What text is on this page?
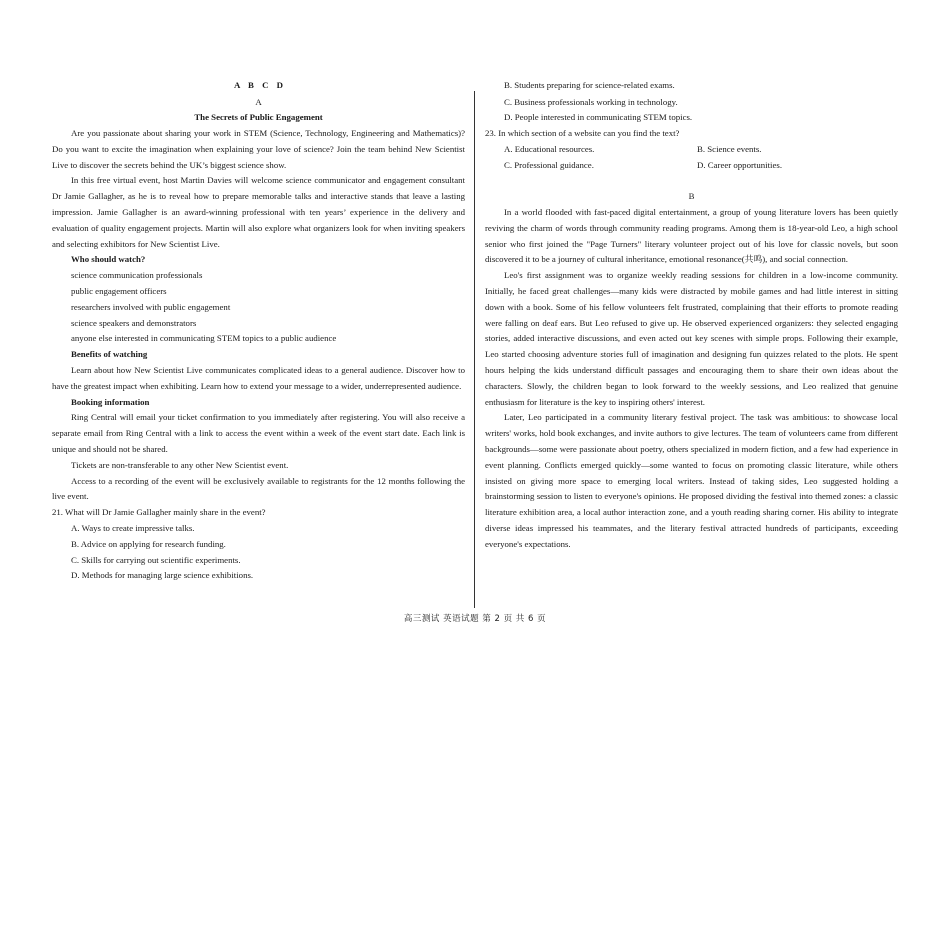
A B C D

A

The Secrets of Public Engagement

Are you passionate about sharing your work in STEM (Science, Technology, Engineering and Mathematics)? Do you want to excite the imagination when explaining your love of science? Join the team behind New Scientist Live to discover the secrets behind the UK’s biggest science show.

In this free virtual event, host Martin Davies will welcome science communicator and engagement consultant Dr Jamie Gallagher, as he is to reveal how to prepare memorable talks and interactive stands that leave a lasting impression. Jamie Gallagher is an award-winning professional with ten years’ experience in the delivery and evaluation of quality engagement projects. Martin will also explore what organizers look for when inviting speakers and selecting exhibitors for New Scientist Live.

Who should watch?

science communication professionals

public engagement officers

researchers involved with public engagement

science speakers and demonstrators

anyone else interested in communicating STEM topics to a public audience

Benefits of watching

Learn about how New Scientist Live communicates complicated ideas to a general audience. Discover how to have the greatest impact when exhibiting. Learn how to extend your message to a wider, underrepresented audience.

Booking information

Ring Central will email your ticket confirmation to you immediately after registering. You will also receive a separate email from Ring Central with a link to access the event within a week of the event start date. Each link is unique and should not be shared.

Tickets are non-transferable to any other New Scientist event.

Access to a recording of the event will be exclusively available to registrants for the 12 months following the live event.

21. What will Dr Jamie Gallagher mainly share in the event?

A. Ways to create impressive talks.

B. Advice on applying for research funding.

C. Skills for carrying out scientific experiments.

D. Methods for managing large science exhibitions.

B. Students preparing for science-related exams.

C. Business professionals working in technology.

D. People interested in communicating STEM topics.

23. In which section of a website can you find the text?

A. Educational resources.	B. Science events.
C. Professional guidance.	D. Career opportunities.

B

In a world flooded with fast-paced digital entertainment, a group of young literature lovers has been quietly reviving the charm of words through community reading programs. Among them is 18-year-old Leo, a high school senior who first joined the "Page Turners" literary volunteer project out of his love for classic novels, but soon discovered it to be a journey of cultural inheritance, emotional resonance(共鸣), and social connection.

Leo's first assignment was to organize weekly reading sessions for children in a low-income community. Initially, he faced great challenges—many kids were distracted by mobile games and had little interest in sitting down with a book. Some of his fellow volunteers felt frustrated, complaining that their efforts to promote reading were falling on deaf ears. But Leo refused to give up. He observed experienced organizers: they selected engaging stories, added interactive discussions, and even acted out key scenes with simple props. Following their example, Leo started choosing adventure stories full of imagination and designing fun quizzes related to the plots. He spent hours helping the kids understand difficult passages and encouraging them to share their own ideas about the characters. Slowly, the children began to look forward to the weekly sessions, and Leo realized that genuine enthusiasm for literature is the key to inspiring others' interest.

Later, Leo participated in a community literary festival project. The task was ambitious: to showcase local writers' works, hold book exchanges, and invite authors to give lectures. The team of volunteers came from different backgrounds—some were passionate about poetry, others specialized in modern fiction, and a few had experience in event planning. Conflicts emerged quickly—some wanted to focus on promoting classic literature, while others insisted on giving more space to emerging local writers. Instead of taking sides, Leo suggested holding a brainstorming session to listen to everyone's opinions. He proposed dividing the festival into themed zones: a classic literature exhibition area, a local author interaction zone, and a youth reading sharing corner. His ability to integrate diverse ideas impressed his teammates, and the literary festival attracted hundreds of participants, exceeding everyone's expectations.

高三测试 英语试题 第 2 页 共 6 页
